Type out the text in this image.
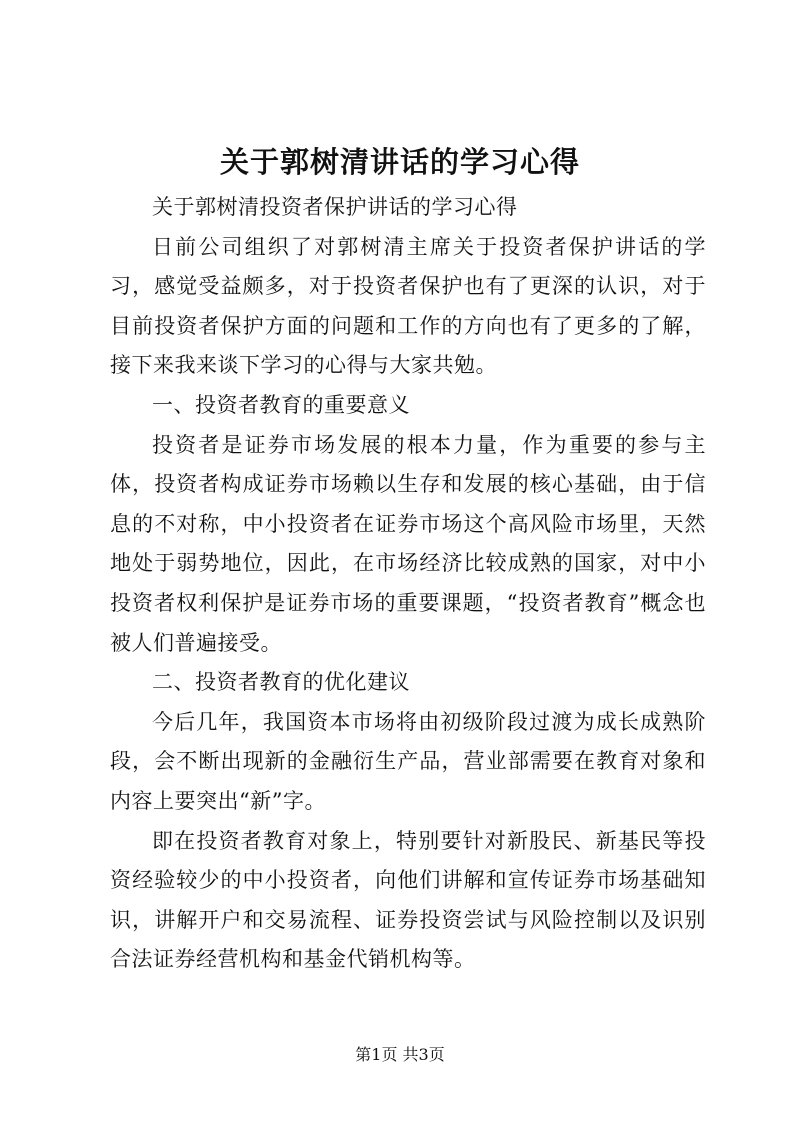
关于郭树清讲话的学习心得

关于郭树清投资者保护讲话的学习心得

日前公司组织了对郭树清主席关于投资者保护讲话的学习，感觉受益颇多，对于投资者保护也有了更深的认识，对于目前投资者保护方面的问题和工作的方向也有了更多的了解，接下来我来谈下学习的心得与大家共勉。

一、投资者教育的重要意义

投资者是证券市场发展的根本力量，作为重要的参与主体，投资者构成证券市场赖以生存和发展的核心基础，由于信息的不对称，中小投资者在证券市场这个高风险市场里，天然地处于弱势地位，因此，在市场经济比较成熟的国家，对中小投资者权利保护是证券市场的重要课题，“投资者教育”概念也被人们普遍接受。

二、投资者教育的优化建议

今后几年，我国资本市场将由初级阶段过渡为成长成熟阶段，会不断出现新的金融衍生产品，营业部需要在教育对象和内容上要突出“新”字。

即在投资者教育对象上，特别要针对新股民、新基民等投资经验较少的中小投资者，向他们讲解和宣传证券市场基础知识，讲解开户和交易流程、证券投资尝试与风险控制以及识别合法证券经营机构和基金代销机构等。

第1页 共3页
